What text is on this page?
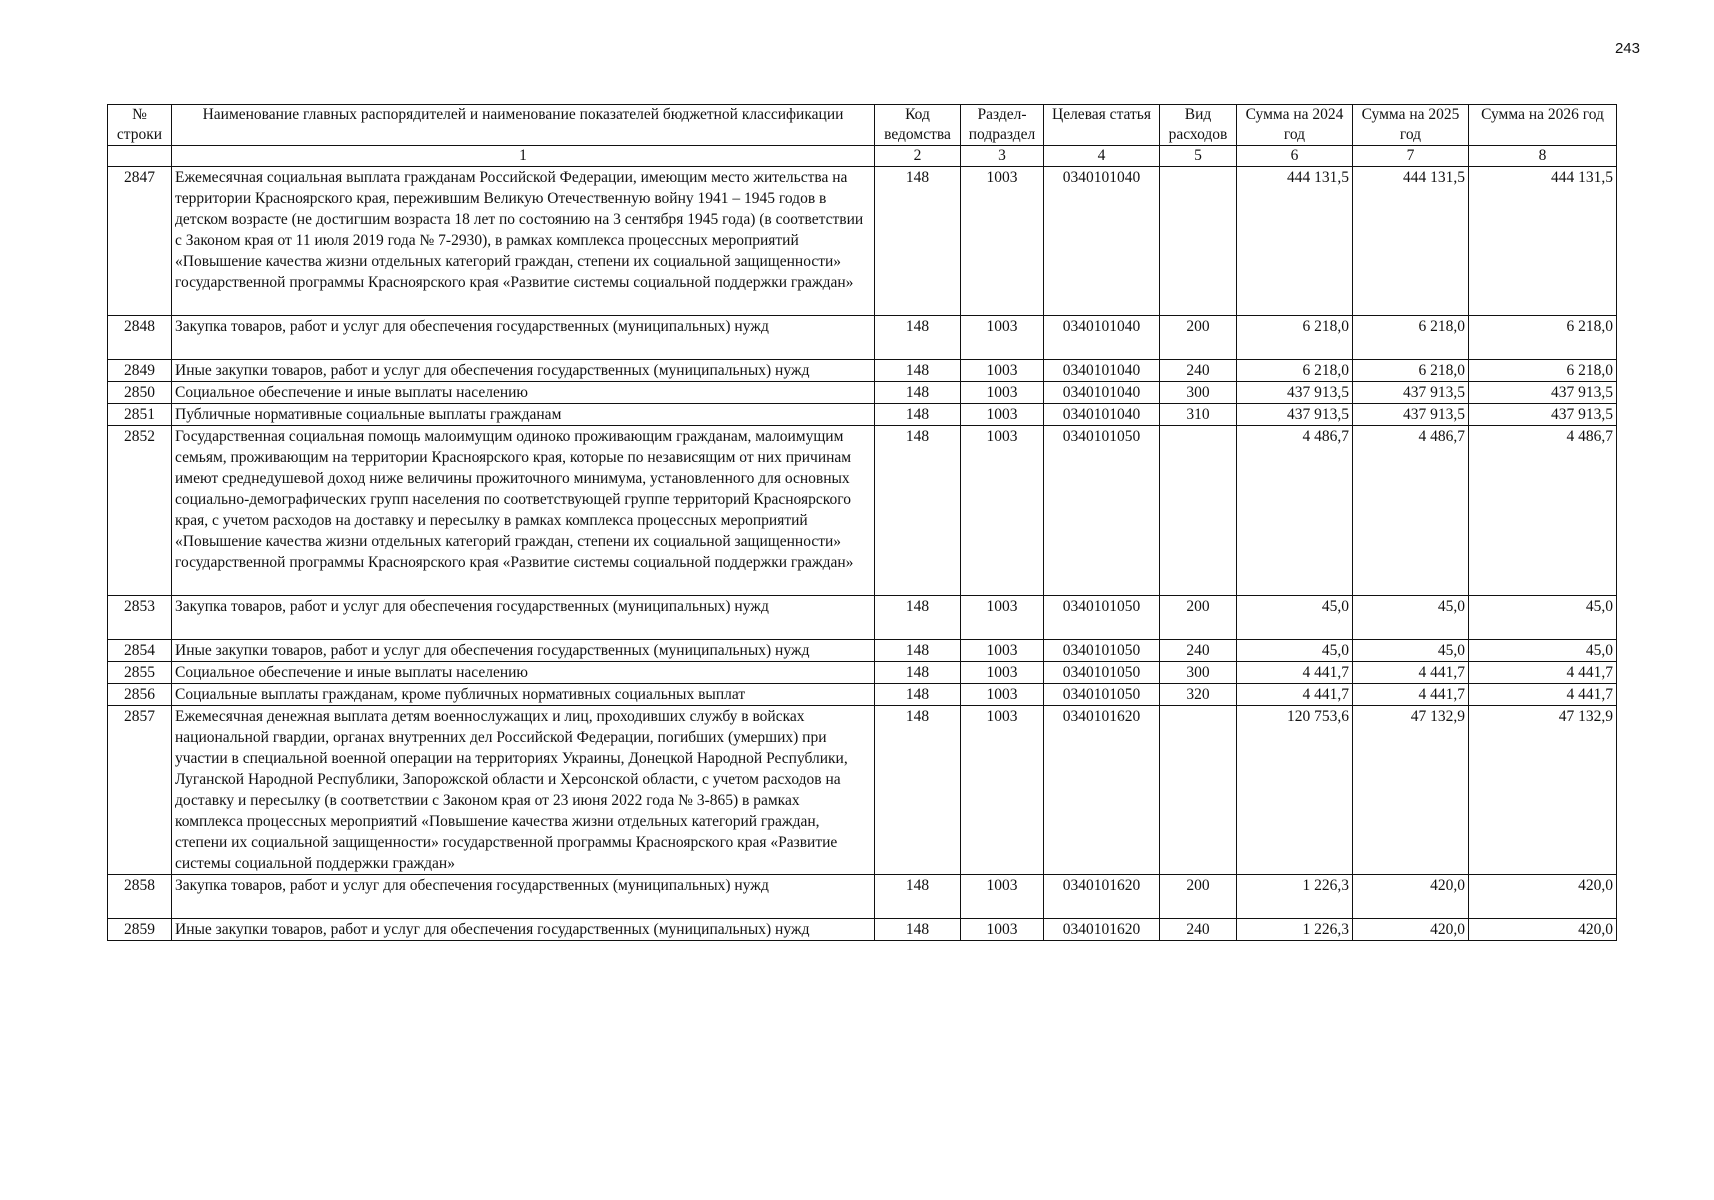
243
№ строки	Наименование главных распорядителей и наименование показателей бюджетной классификации	Код ведомства	Раздел-подраздел	Целевая статья	Вид расходов	Сумма на 2024 год	Сумма на 2025 год	Сумма на 2026 год
	1	2	3	4	5	6	7	8
2847	Ежемесячная социальная выплата гражданам Российской Федерации, имеющим место жительства на территории Красноярского края, пережившим Великую Отечественную войну 1941 – 1945 годов в детском возрасте (не достигшим возраста 18 лет по состоянию на 3 сентября 1945 года) (в соответствии с Законом края от 11 июля 2019 года № 7-2930), в рамках комплекса процессных мероприятий «Повышение качества жизни отдельных категорий граждан, степени их социальной защищенности» государственной программы Красноярского края «Развитие системы социальной поддержки граждан»	148	1003	0340101040		444 131,5	444 131,5	444 131,5
2848	Закупка товаров, работ и услуг для обеспечения государственных (муниципальных) нужд	148	1003	0340101040	200	6 218,0	6 218,0	6 218,0
2849	Иные закупки товаров, работ и услуг для обеспечения государственных (муниципальных) нужд	148	1003	0340101040	240	6 218,0	6 218,0	6 218,0
2850	Социальное обеспечение и иные выплаты населению	148	1003	0340101040	300	437 913,5	437 913,5	437 913,5
2851	Публичные нормативные социальные выплаты гражданам	148	1003	0340101040	310	437 913,5	437 913,5	437 913,5
2852	Государственная социальная помощь малоимущим одиноко проживающим гражданам, малоимущим семьям, проживающим на территории Красноярского края, которые по независящим от них причинам имеют среднедушевой доход ниже величины прожиточного минимума, установленного для основных социально-демографических групп населения по соответствующей группе территорий Красноярского края, с учетом расходов на доставку и пересылку в рамках комплекса процессных мероприятий «Повышение качества жизни отдельных категорий граждан, степени их социальной защищенности» государственной программы Красноярского края «Развитие системы социальной поддержки граждан»	148	1003	0340101050		4 486,7	4 486,7	4 486,7
2853	Закупка товаров, работ и услуг для обеспечения государственных (муниципальных) нужд	148	1003	0340101050	200	45,0	45,0	45,0
2854	Иные закупки товаров, работ и услуг для обеспечения государственных (муниципальных) нужд	148	1003	0340101050	240	45,0	45,0	45,0
2855	Социальное обеспечение и иные выплаты населению	148	1003	0340101050	300	4 441,7	4 441,7	4 441,7
2856	Социальные выплаты гражданам, кроме публичных нормативных социальных выплат	148	1003	0340101050	320	4 441,7	4 441,7	4 441,7
2857	Ежемесячная денежная выплата детям военнослужащих и лиц, проходивших службу в войсках национальной гвардии, органах внутренних дел Российской Федерации, погибших (умерших) при участии в специальной военной операции на территориях Украины, Донецкой Народной Республики, Луганской Народной Республики, Запорожской области и Херсонской области, с учетом расходов на доставку и пересылку (в соответствии с Законом края от 23 июня 2022 года № 3-865) в рамках комплекса процессных мероприятий «Повышение качества жизни отдельных категорий граждан, степени их социальной защищенности» государственной программы Красноярского края «Развитие системы социальной поддержки граждан»	148	1003	0340101620		120 753,6	47 132,9	47 132,9
2858	Закупка товаров, работ и услуг для обеспечения государственных (муниципальных) нужд	148	1003	0340101620	200	1 226,3	420,0	420,0
2859	Иные закупки товаров, работ и услуг для обеспечения государственных (муниципальных) нужд	148	1003	0340101620	240	1 226,3	420,0	420,0
